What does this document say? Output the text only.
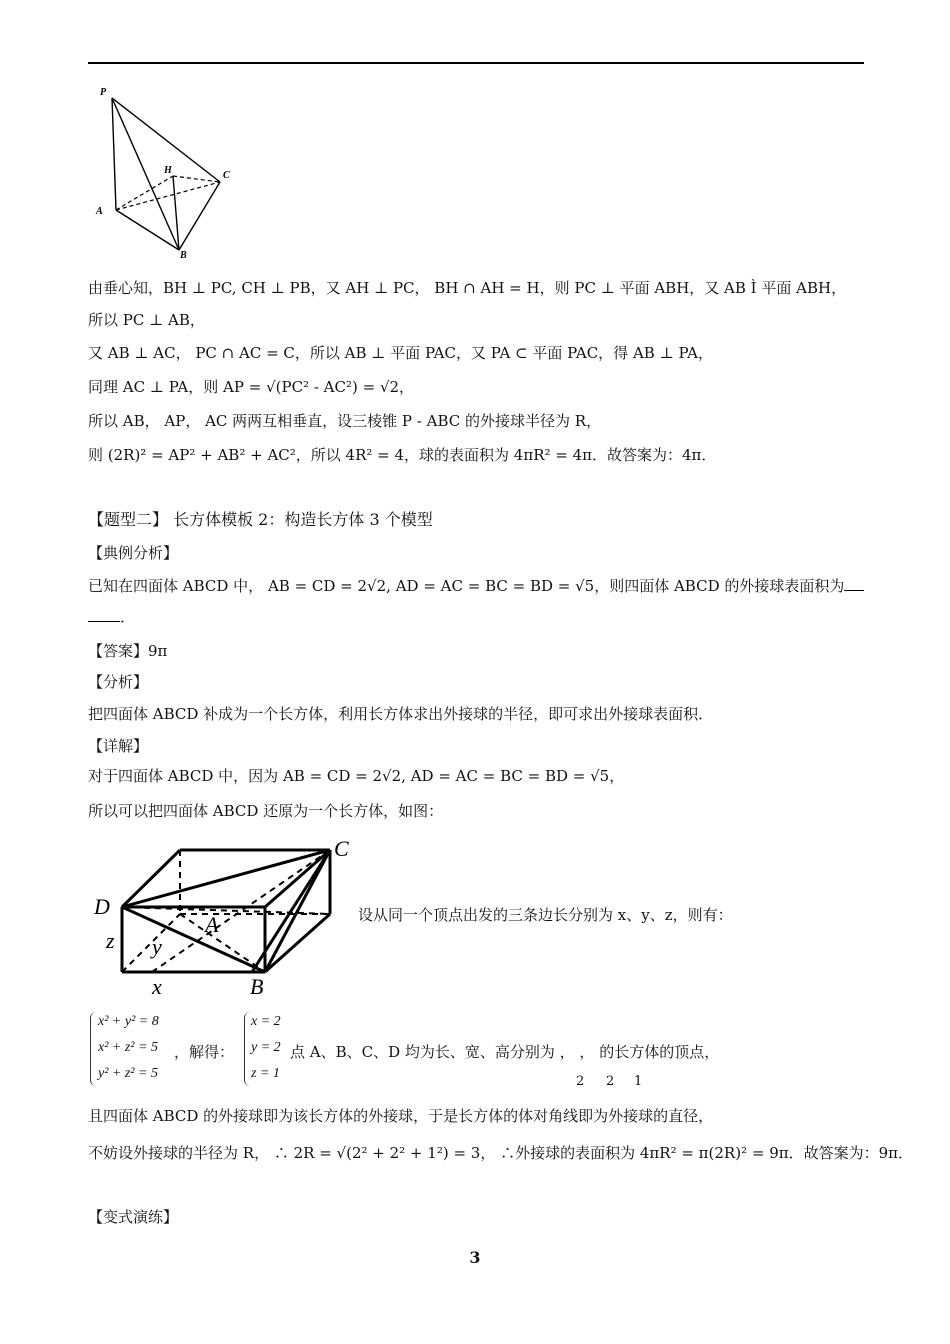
P
H	C
A
B
由垂心知，BH ⊥ PC, CH ⊥ PB，又 AH ⊥ PC， BH ∩ AH = H，则 PC ⊥ 平面 ABH，又 AB Ì 平面 ABH，
所以 PC ⊥ AB，
又 AB ⊥ AC， PC ∩ AC = C，所以 AB ⊥ 平面 PAC，又 PA ⊂ 平面 PAC，得 AB ⊥ PA，
同理 AC ⊥ PA，则 AP = √(PC² - AC²) = √2，
所以 AB， AP， AC 两两互相垂直，设三棱锥 P - ABC 的外接球半径为 R，
则 (2R)² = AP² + AB² + AC²，所以 4R² = 4，球的表面积为 4πR² = 4π．故答案为：4π．
【题型二】 长方体模板 2：构造长方体 3 个模型
【典例分析】
已知在四面体 ABCD 中， AB = CD = 2√2, AD = AC = BC = BD = √5，则四面体 ABCD 的外接球表面积为
．
【答案】9π
【分析】
把四面体 ABCD 补成为一个长方体，利用长方体求出外接球的半径，即可求出外接球表面积．
【详解】
对于四面体 ABCD 中，因为 AB = CD = 2√2, AD = AC = BC = BD = √5，
所以可以把四面体 ABCD 还原为一个长方体，如图：
C
D
A
z y
x	B
设从同一个顶点出发的三条边长分别为 x、y、z，则有：
x² + y² = 8
x² + z² = 5
y² + z² = 5
，解得：
x = 2
y = 2
z = 1
点 A、B、C、D 均为长、宽、高分别为 ， ， 的长方体的顶点，
2 2 1
且四面体 ABCD 的外接球即为该长方体的外接球，于是长方体的体对角线即为外接球的直径，
不妨设外接球的半径为 R， ∴ 2R = √(2² + 2² + 1²) = 3， ∴外接球的表面积为 4πR² = π(2R)² = 9π．故答案为：9π．
【变式演练】
3
